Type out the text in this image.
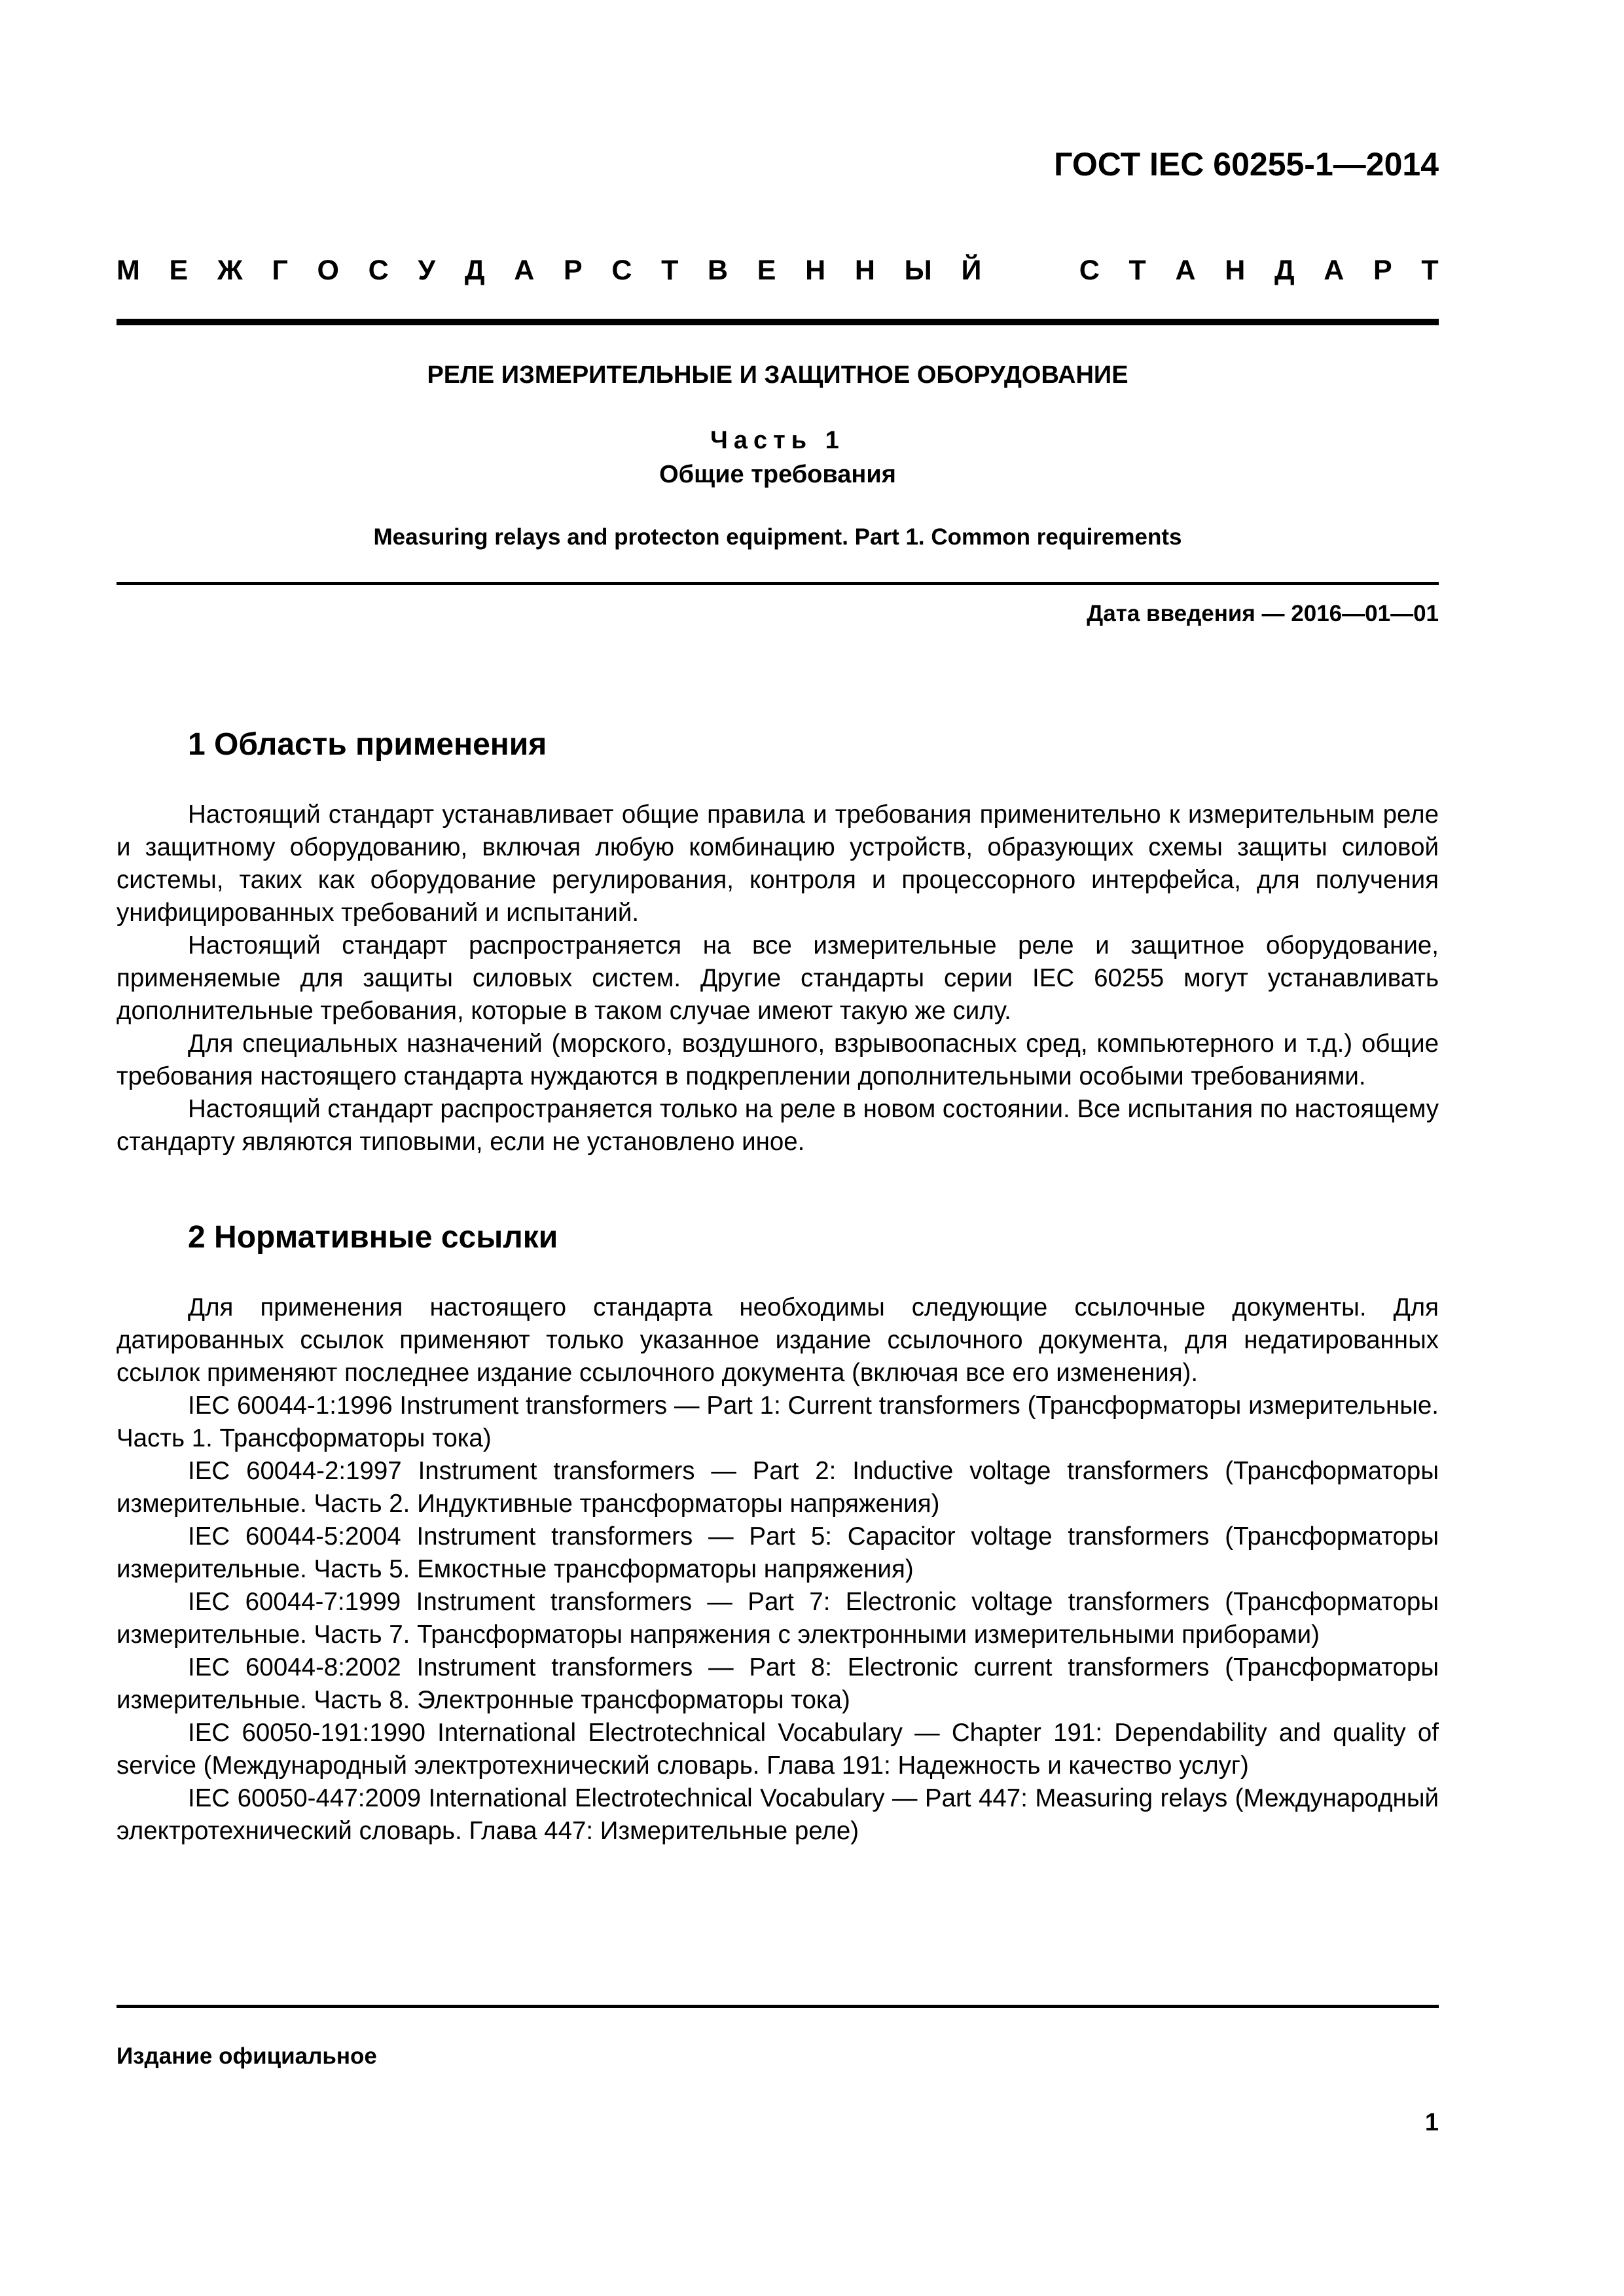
ГОСТ IEC 60255-1—2014
М Е Ж Г О С У Д А Р С Т В Е Н Н Ы Й	С Т А Н Д А Р Т
РЕЛЕ ИЗМЕРИТЕЛЬНЫЕ И ЗАЩИТНОЕ ОБОРУДОВАНИЕ
Часть 1
Общие требования
Measuring relays and protecton equipment. Part 1. Common requirements
Дата введения — 2016—01—01
1 Область применения

Настоящий стандарт устанавливает общие правила и требования применительно к измерительным реле и защитному оборудованию, включая любую комбинацию устройств, образующих схемы защиты силовой системы, таких как оборудование регулирования, контроля и процессорного интерфейса, для получения унифицированных требований и испытаний.

Настоящий стандарт распространяется на все измерительные реле и защитное оборудование, применяемые для защиты силовых систем. Другие стандарты серии IEC 60255 могут устанавливать дополнительные требования, которые в таком случае имеют такую же силу.

Для специальных назначений (морского, воздушного, взрывоопасных сред, компьютерного и т.д.) общие требования настоящего стандарта нуждаются в подкреплении дополнительными особыми требованиями.

Настоящий стандарт распространяется только на реле в новом состоянии. Все испытания по настоящему стандарту являются типовыми, если не установлено иное.

2 Нормативные ссылки

Для применения настоящего стандарта необходимы следующие ссылочные документы. Для датированных ссылок применяют только указанное издание ссылочного документа, для недатированных ссылок применяют последнее издание ссылочного документа (включая все его изменения).

IEC 60044-1:1996 Instrument transformers — Part 1: Current transformers (Трансформаторы измерительные. Часть 1. Трансформаторы тока)

IEC 60044-2:1997 Instrument transformers — Part 2: Inductive voltage transformers (Трансформаторы измерительные. Часть 2. Индуктивные трансформаторы напряжения)

IEC 60044-5:2004 Instrument transformers — Part 5: Capacitor voltage transformers (Трансформаторы измерительные. Часть 5. Емкостные трансформаторы напряжения)

IEC 60044-7:1999 Instrument transformers — Part 7: Electronic voltage transformers (Трансформаторы измерительные. Часть 7. Трансформаторы напряжения с электронными измерительными приборами)

IEC 60044-8:2002 Instrument transformers — Part 8: Electronic current transformers (Трансформаторы измерительные. Часть 8. Электронные трансформаторы тока)

IEC 60050-191:1990 International Electrotechnical Vocabulary — Chapter 191: Dependability and quality of service (Международный электротехнический словарь. Глава 191: Надежность и качество услуг)

IEC 60050-447:2009 International Electrotechnical Vocabulary — Part 447: Measuring relays (Международный электротехнический словарь. Глава 447: Измерительные реле)

Издание официальное
1
